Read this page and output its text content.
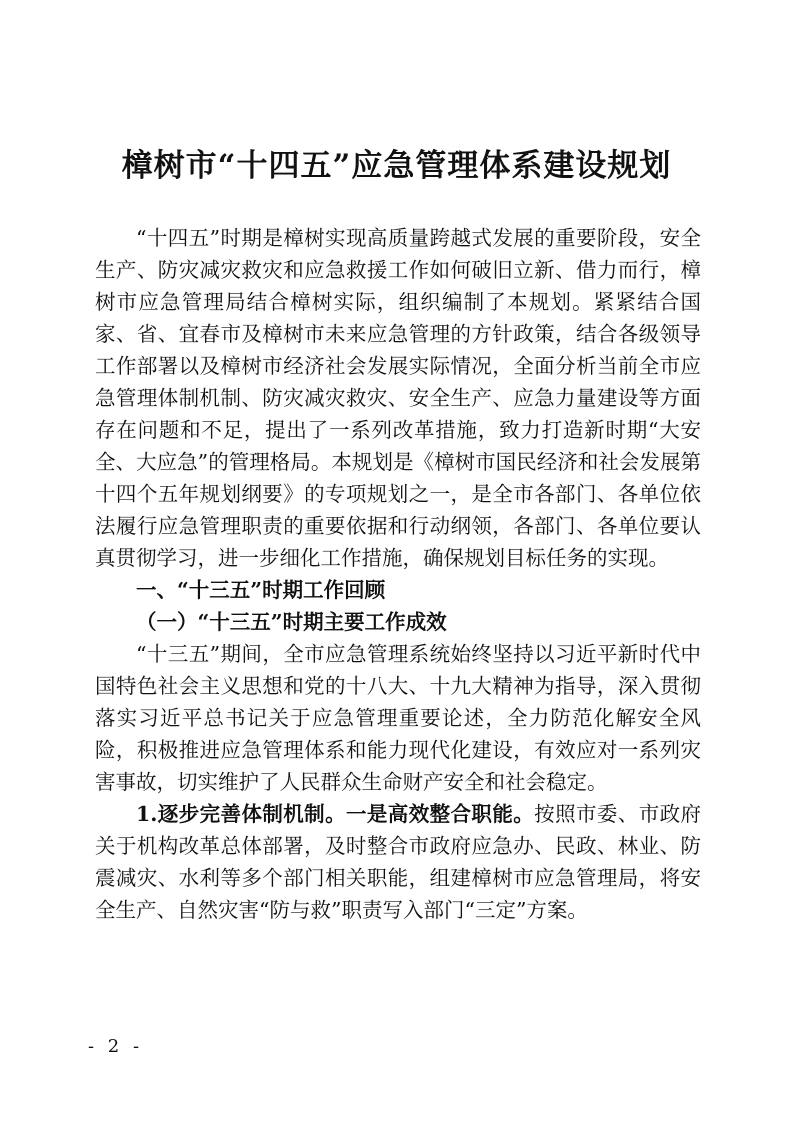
樟树市“十四五”应急管理体系建设规划

“十四五”时期是樟树实现高质量跨越式发展的重要阶段，安全生产、防灾减灾救灾和应急救援工作如何破旧立新、借力而行，樟树市应急管理局结合樟树实际，组织编制了本规划。紧紧结合国家、省、宜春市及樟树市未来应急管理的方针政策，结合各级领导工作部署以及樟树市经济社会发展实际情况，全面分析当前全市应急管理体制机制、防灾减灾救灾、安全生产、应急力量建设等方面存在问题和不足，提出了一系列改革措施，致力打造新时期“大安全、大应急”的管理格局。本规划是《樟树市国民经济和社会发展第十四个五年规划纲要》的专项规划之一，是全市各部门、各单位依法履行应急管理职责的重要依据和行动纲领，各部门、各单位要认真贯彻学习，进一步细化工作措施，确保规划目标任务的实现。

一、“十三五”时期工作回顾

（一）“十三五”时期主要工作成效

“十三五”期间，全市应急管理系统始终坚持以习近平新时代中国特色社会主义思想和党的十八大、十九大精神为指导，深入贯彻落实习近平总书记关于应急管理重要论述，全力防范化解安全风险，积极推进应急管理体系和能力现代化建设，有效应对一系列灾害事故，切实维护了人民群众生命财产安全和社会稳定。

1.逐步完善体制机制。一是高效整合职能。按照市委、市政府关于机构改革总体部署，及时整合市政府应急办、民政、林业、防震减灾、水利等多个部门相关职能，组建樟树市应急管理局，将安全生产、自然灾害“防与救”职责写入部门“三定”方案。

- 2 -
